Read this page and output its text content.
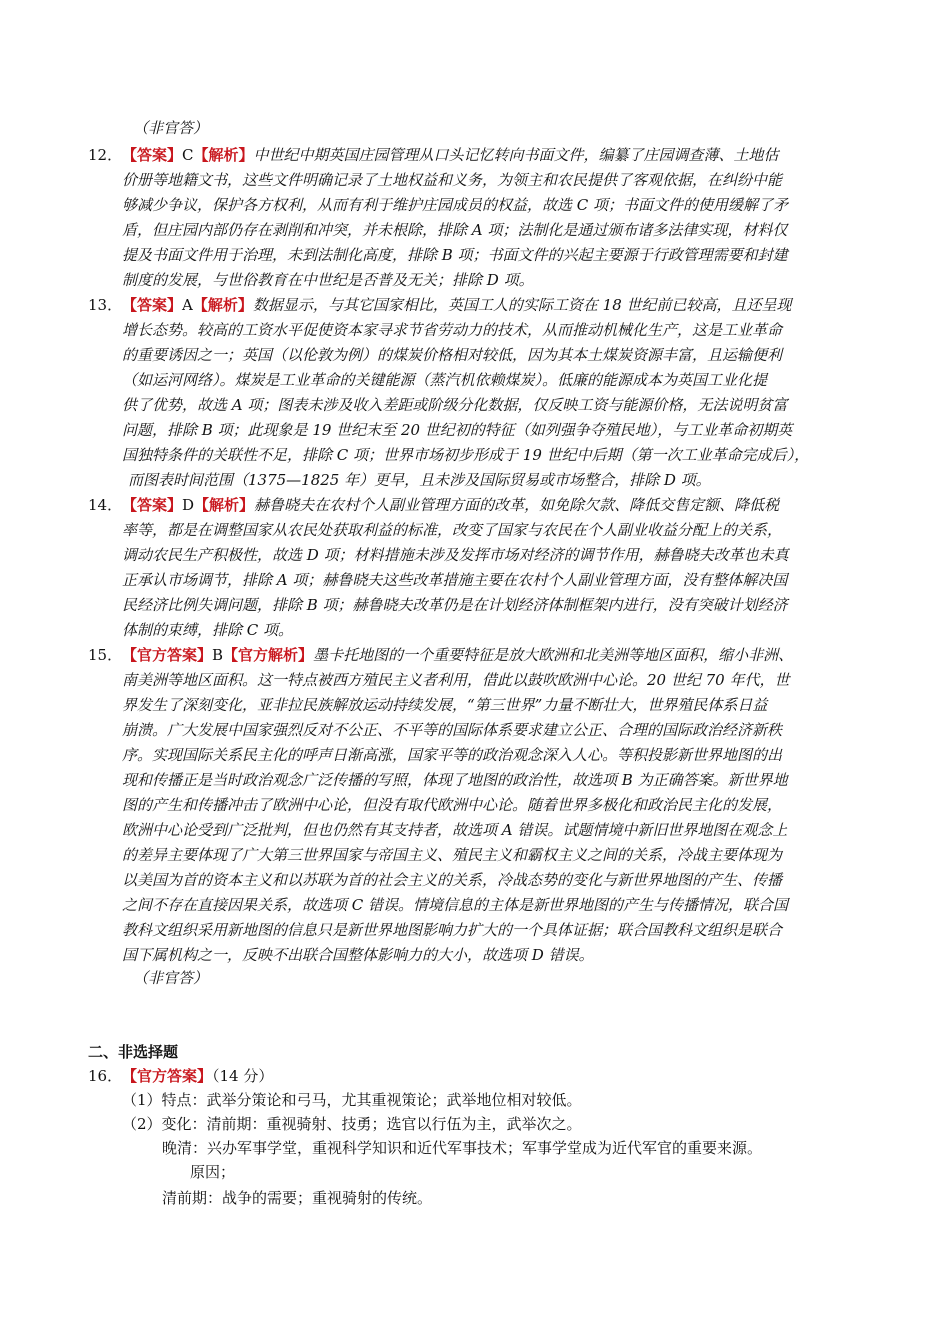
（非官答）
12．【答案】C【解析】中世纪中期英国庄园管理从口头记忆转向书面文件，编纂了庄园调查薄、土地估
价册等地籍文书，这些文件明确记录了土地权益和义务，为领主和农民提供了客观依据，在纠纷中能
够减少争议，保护各方权利，从而有利于维护庄园成员的权益，故选 C 项；书面文件的使用缓解了矛
盾，但庄园内部仍存在剥削和冲突，并未根除，排除 A 项；法制化是通过颁布诸多法律实现，材料仅
提及书面文件用于治理，未到法制化高度，排除 B 项；书面文件的兴起主要源于行政管理需要和封建
制度的发展，与世俗教育在中世纪是否普及无关；排除 D 项。
13．【答案】A【解析】数据显示，与其它国家相比，英国工人的实际工资在 18 世纪前已较高，且还呈现
增长态势。较高的工资水平促使资本家寻求节省劳动力的技术，从而推动机械化生产，这是工业革命
的重要诱因之一；英国（以伦敦为例）的煤炭价格相对较低，因为其本土煤炭资源丰富，且运输便利
（如运河网络）。煤炭是工业革命的关键能源（蒸汽机依赖煤炭）。低廉的能源成本为英国工业化提
供了优势，故选 A 项；图表未涉及收入差距或阶级分化数据，仅反映工资与能源价格，无法说明贫富
问题，排除 B 项；此现象是 19 世纪末至 20 世纪初的特征（如列强争夺殖民地），与工业革命初期英
国独特条件的关联性不足，排除 C 项；世界市场初步形成于 19 世纪中后期（第一次工业革命完成后），
而图表时间范围（1375—1825 年）更早，且未涉及国际贸易或市场整合，排除 D 项。
14．【答案】D【解析】赫鲁晓夫在农村个人副业管理方面的改革，如免除欠款、降低交售定额、降低税
率等，都是在调整国家从农民处获取利益的标准，改变了国家与农民在个人副业收益分配上的关系，
调动农民生产积极性，故选 D 项；材料措施未涉及发挥市场对经济的调节作用，赫鲁晓夫改革也未真
正承认市场调节，排除 A 项；赫鲁晓夫这些改革措施主要在农村个人副业管理方面，没有整体解决国
民经济比例失调问题，排除 B 项；赫鲁晓夫改革仍是在计划经济体制框架内进行，没有突破计划经济
体制的束缚，排除 C 项。
15．【官方答案】B【官方解析】墨卡托地图的一个重要特征是放大欧洲和北美洲等地区面积，缩小非洲、
南美洲等地区面积。这一特点被西方殖民主义者利用，借此以鼓吹欧洲中心论。20 世纪 70 年代，世
界发生了深刻变化，亚非拉民族解放运动持续发展，“第三世界”力量不断壮大，世界殖民体系日益
崩溃。广大发展中国家强烈反对不公正、不平等的国际体系要求建立公正、合理的国际政治经济新秩
序。实现国际关系民主化的呼声日渐高涨，国家平等的政治观念深入人心。等积投影新世界地图的出
现和传播正是当时政治观念广泛传播的写照，体现了地图的政治性，故选项 B 为正确答案。新世界地
图的产生和传播冲击了欧洲中心论，但没有取代欧洲中心论。随着世界多极化和政治民主化的发展，
欧洲中心论受到广泛批判，但也仍然有其支持者，故选项 A 错误。试题情境中新旧世界地图在观念上
的差异主要体现了广大第三世界国家与帝国主义、殖民主义和霸权主义之间的关系，冷战主要体现为
以美国为首的资本主义和以苏联为首的社会主义的关系，冷战态势的变化与新世界地图的产生、传播
之间不存在直接因果关系，故选项 C 错误。情境信息的主体是新世界地图的产生与传播情况，联合国
教科文组织采用新地图的信息只是新世界地图影响力扩大的一个具体证据；联合国教科文组织是联合
国下属机构之一，反映不出联合国整体影响力的大小，故选项 D 错误。
（非官答）
二、非选择题
16．【官方答案】（14 分）
（1）特点：武举分策论和弓马，尤其重视策论；武举地位相对较低。
（2）变化：清前期：重视骑射、技勇；选官以行伍为主，武举次之。
晚清：兴办军事学堂，重视科学知识和近代军事技术；军事学堂成为近代军官的重要来源。
原因；
清前期：战争的需要；重视骑射的传统。
